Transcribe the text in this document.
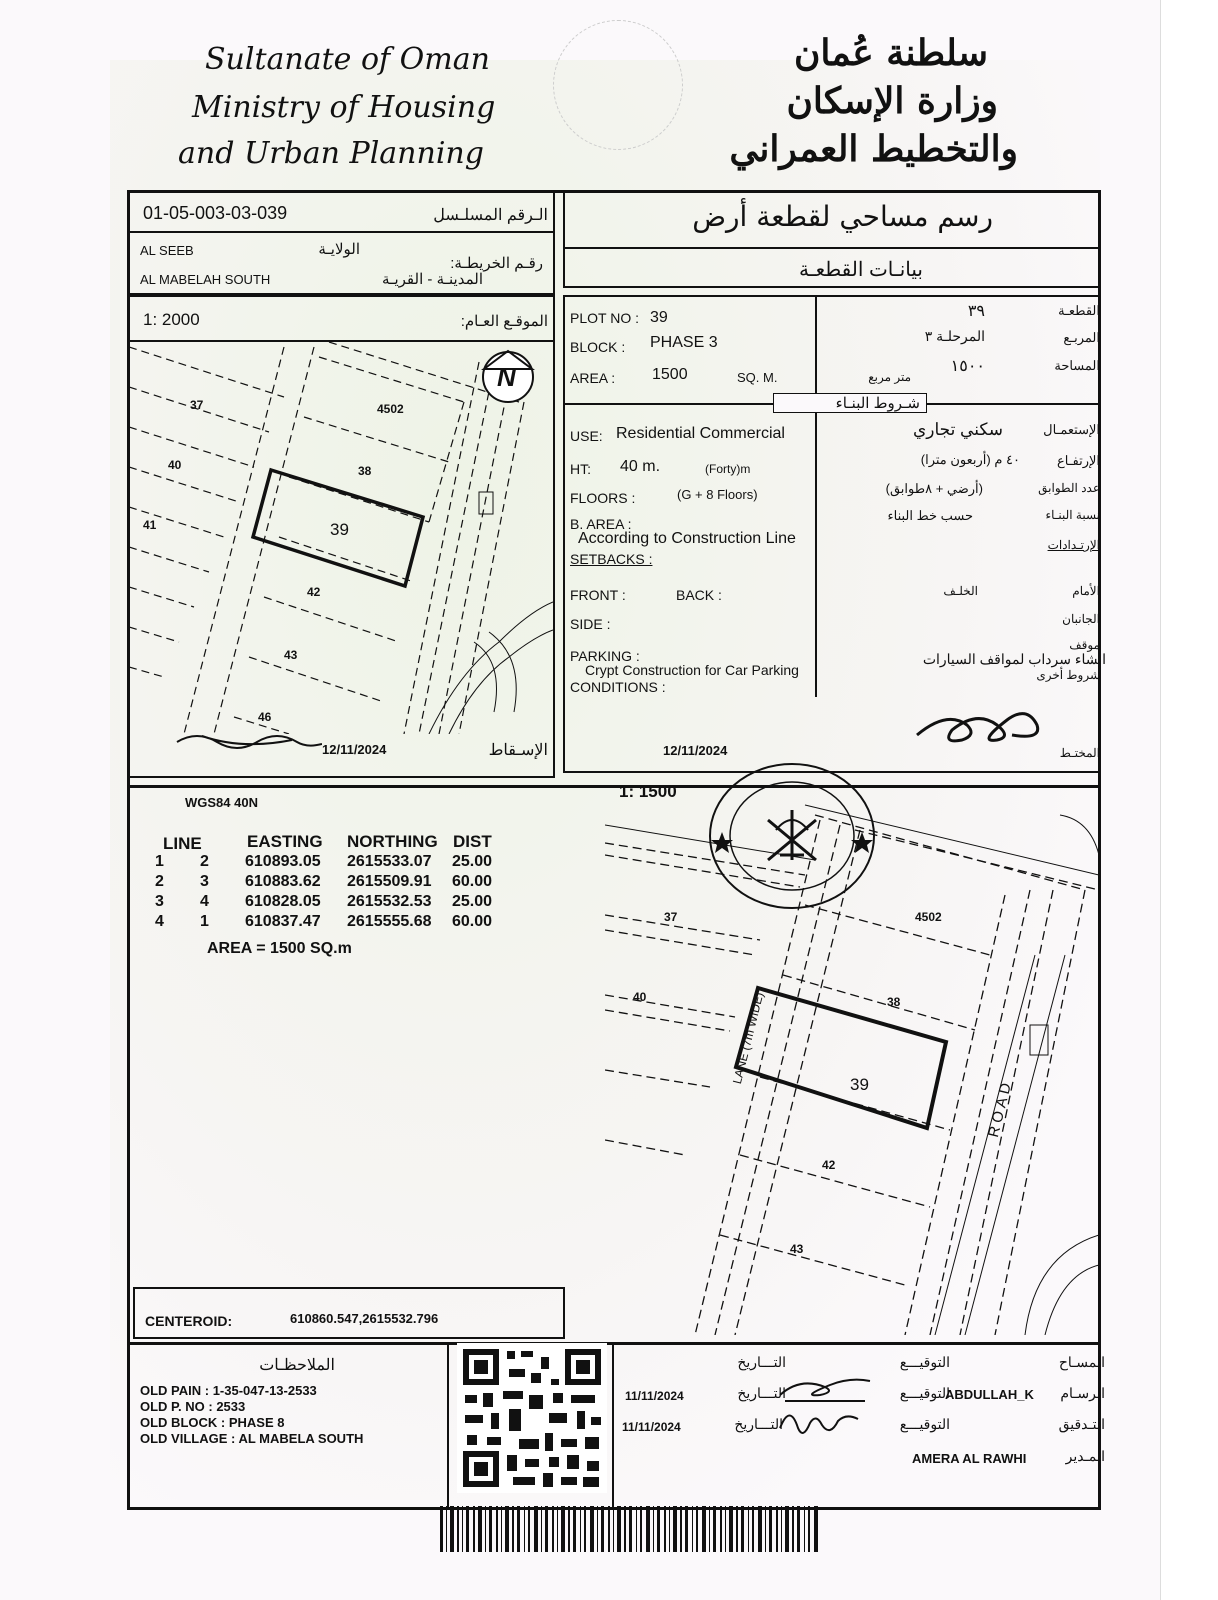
Sultanate of Oman
Ministry of Housing
and Urban Planning
سلطنة عُمان
وزارة الإسكان
والتخطيط العمراني
01-05-003-03-039	الـرقم المسلـسل
AL SEEB	الولايـة
رقـم الخريطـة:
AL MABELAH SOUTH	المدينـة - القريـة
1: 2000	الموقـع العـام:
N
37	4502
40	38
41	39
42
43
46
12/11/2024	الإسـقاط
رسم مساحي لقطعة أرض
بيانـات القطعـة
PLOT NO : 39
BLOCK : PHASE 3
AREA : 1500	SQ. M.
القطعـة
٣٩
المربـع
المرحلـة ٣
المساحة
١٥٠٠
متر مربع
شـروط البنـاء
USE: Residential Commercial
HT: 40 m.	(Forty)m
FLOORS :	(G + 8 Floors)
B. AREA :
According to Construction Line
SETBACKS :
FRONT :	BACK :
SIDE :
PARKING :
Crypt Construction for Car Parking
CONDITIONS :
الإستعمـال
سكني تجاري
الإرتفـاع
٤٠ م (أربعون مترا)
عدد الطوابق
(أرضي + ٨طوابق)
نسبة البنـاء
حسب خط البناء
الإرتـدادات
الأمام
الخلـف
الجانبان
موقف
انشاء سرداب لمواقف السيارات
شروط أخرى
المختـط
12/11/2024
WGS84 40N
LINE	EASTING NORTHING DIST
1 2 610893.05 2615533.07 25.00
2 3 610883.62 2615509.91 60.00
3 4 610828.05 2615532.53 25.00
4 1 610837.47 2615555.68 60.00
AREA = 1500 SQ.m
CENTEROID:	610860.547,2615532.796
1: 1500
37
40
4502
38
39
42
43
ROAD
LANE (7m WIDE)
الملاحظـات
OLD PAIN : 1-35-047-13-2533
OLD P. NO : 2533
OLD BLOCK : PHASE 8
OLD VILLAGE : AL MABELA SOUTH
المسـاح
التوقيـــع
التـــاريخ
الرسـام
ABDULLAH_K
التوقيـــع
التـــاريخ
11/11/2024
التـدقيق
التوقيـــع
التـــاريخ
11/11/2024
المـدير
AMERA AL RAWHI
